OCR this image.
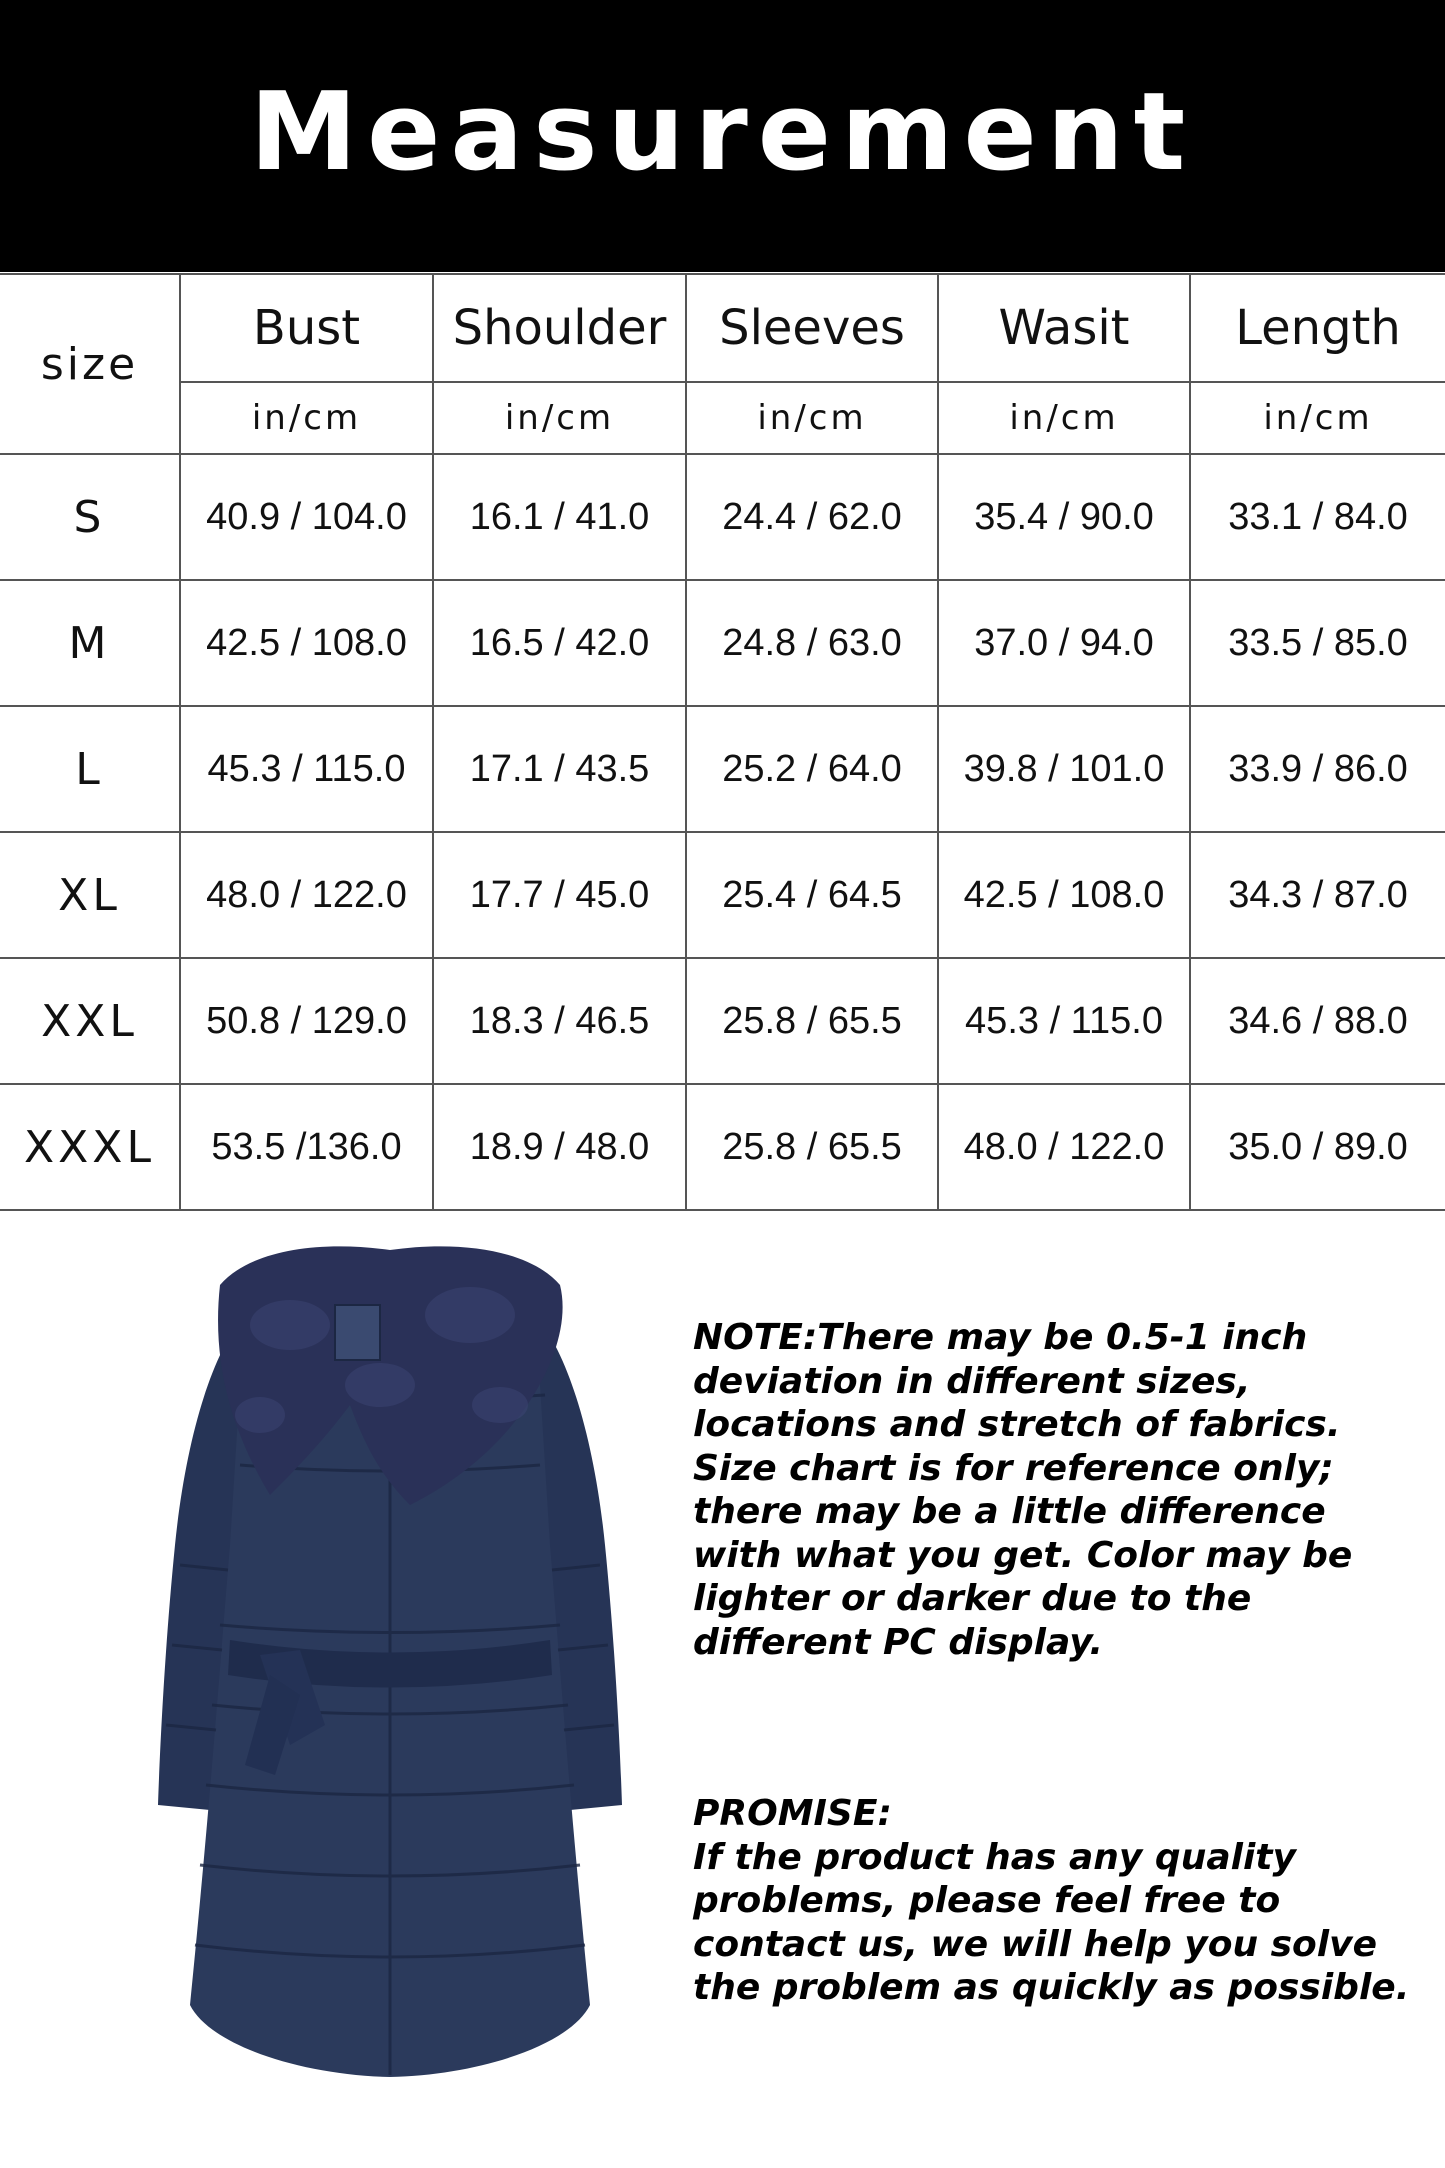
Measurement
size	Bust	Shoulder	Sleeves	Wasit	Length
	in/cm	in/cm	in/cm	in/cm	in/cm
S	40.9 / 104.0	16.1 / 41.0	24.4 / 62.0	35.4 / 90.0	33.1 / 84.0
M	42.5 / 108.0	16.5 / 42.0	24.8 / 63.0	37.0 / 94.0	33.5 / 85.0
L	45.3 / 115.0	17.1 / 43.5	25.2 / 64.0	39.8 / 101.0	33.9 / 86.0
XL	48.0 / 122.0	17.7 / 45.0	25.4 / 64.5	42.5 / 108.0	34.3 / 87.0
XXL	50.8 / 129.0	18.3 / 46.5	25.8 / 65.5	45.3 / 115.0	34.6 / 88.0
XXXL	53.5 /136.0	18.9 / 48.0	25.8 / 65.5	48.0 / 122.0	35.0 / 89.0
NOTE:There may be 0.5-1 inch deviation in different sizes, locations and stretch of fabrics. Size chart is for reference only; there may be a little difference with what you get. Color may be lighter or darker due to the different PC display.
PROMISE:
If the product has any quality problems, please feel free to contact us, we will help you solve the problem as quickly as possible.
